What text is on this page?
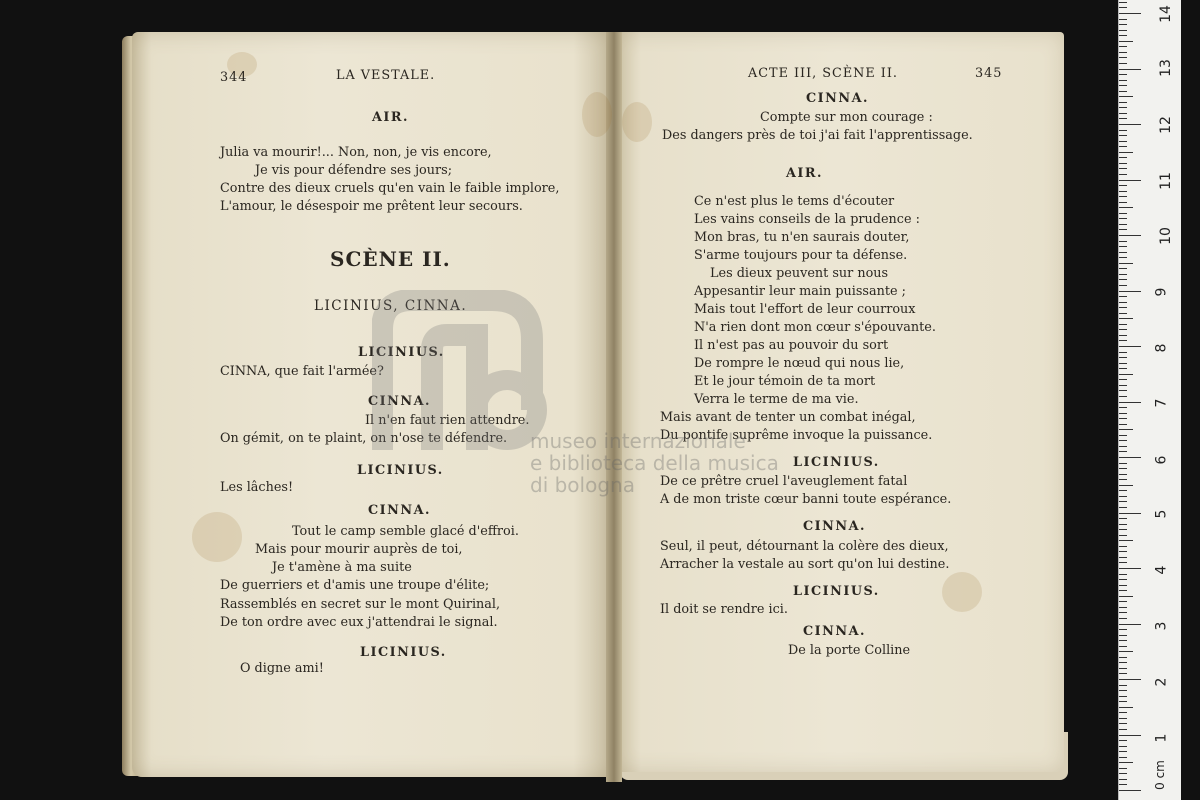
344	LA VESTALE.
AIR.
Julia va mourir!... Non, non, je vis encore,
Je vis pour défendre ses jours;
Contre des dieux cruels qu'en vain le faible implore,
L'amour, le désespoir me prêtent leur secours.
SCÈNE II.
LICINIUS, CINNA.
LICINIUS.
CINNA, que fait l'armée?
CINNA.
Il n'en faut rien attendre.
On gémit, on te plaint, on n'ose te défendre.
LICINIUS.
Les lâches!
CINNA.
Tout le camp semble glacé d'effroi.
Mais pour mourir auprès de toi,
Je t'amène à ma suite
De guerriers et d'amis une troupe d'élite;
Rassemblés en secret sur le mont Quirinal,
De ton ordre avec eux j'attendrai le signal.
LICINIUS.
O digne ami!
ACTE III, SCÈNE II.	345
CINNA.
Compte sur mon courage :
Des dangers près de toi j'ai fait l'apprentissage.
AIR.
Ce n'est plus le tems d'écouter
Les vains conseils de la prudence :
Mon bras, tu n'en saurais douter,
S'arme toujours pour ta défense.
Les dieux peuvent sur nous
Appesantir leur main puissante ;
Mais tout l'effort de leur courroux
N'a rien dont mon cœur s'épouvante.
Il n'est pas au pouvoir du sort
De rompre le nœud qui nous lie,
Et le jour témoin de ta mort
Verra le terme de ma vie.
Mais avant de tenter un combat inégal,
Du pontife suprême invoque la puissance.
LICINIUS.
De ce prêtre cruel l'aveuglement fatal
A de mon triste cœur banni toute espérance.
CINNA.
Seul, il peut, détournant la colère des dieux,
Arracher la vestale au sort qu'on lui destine.
LICINIUS.
Il doit se rendre ici.
CINNA.
De la porte Colline
museo internazionale
e biblioteca della musica
di bologna
14
13
12
11
10
9
8
7
6
5
4
3
2
1
0 cm
